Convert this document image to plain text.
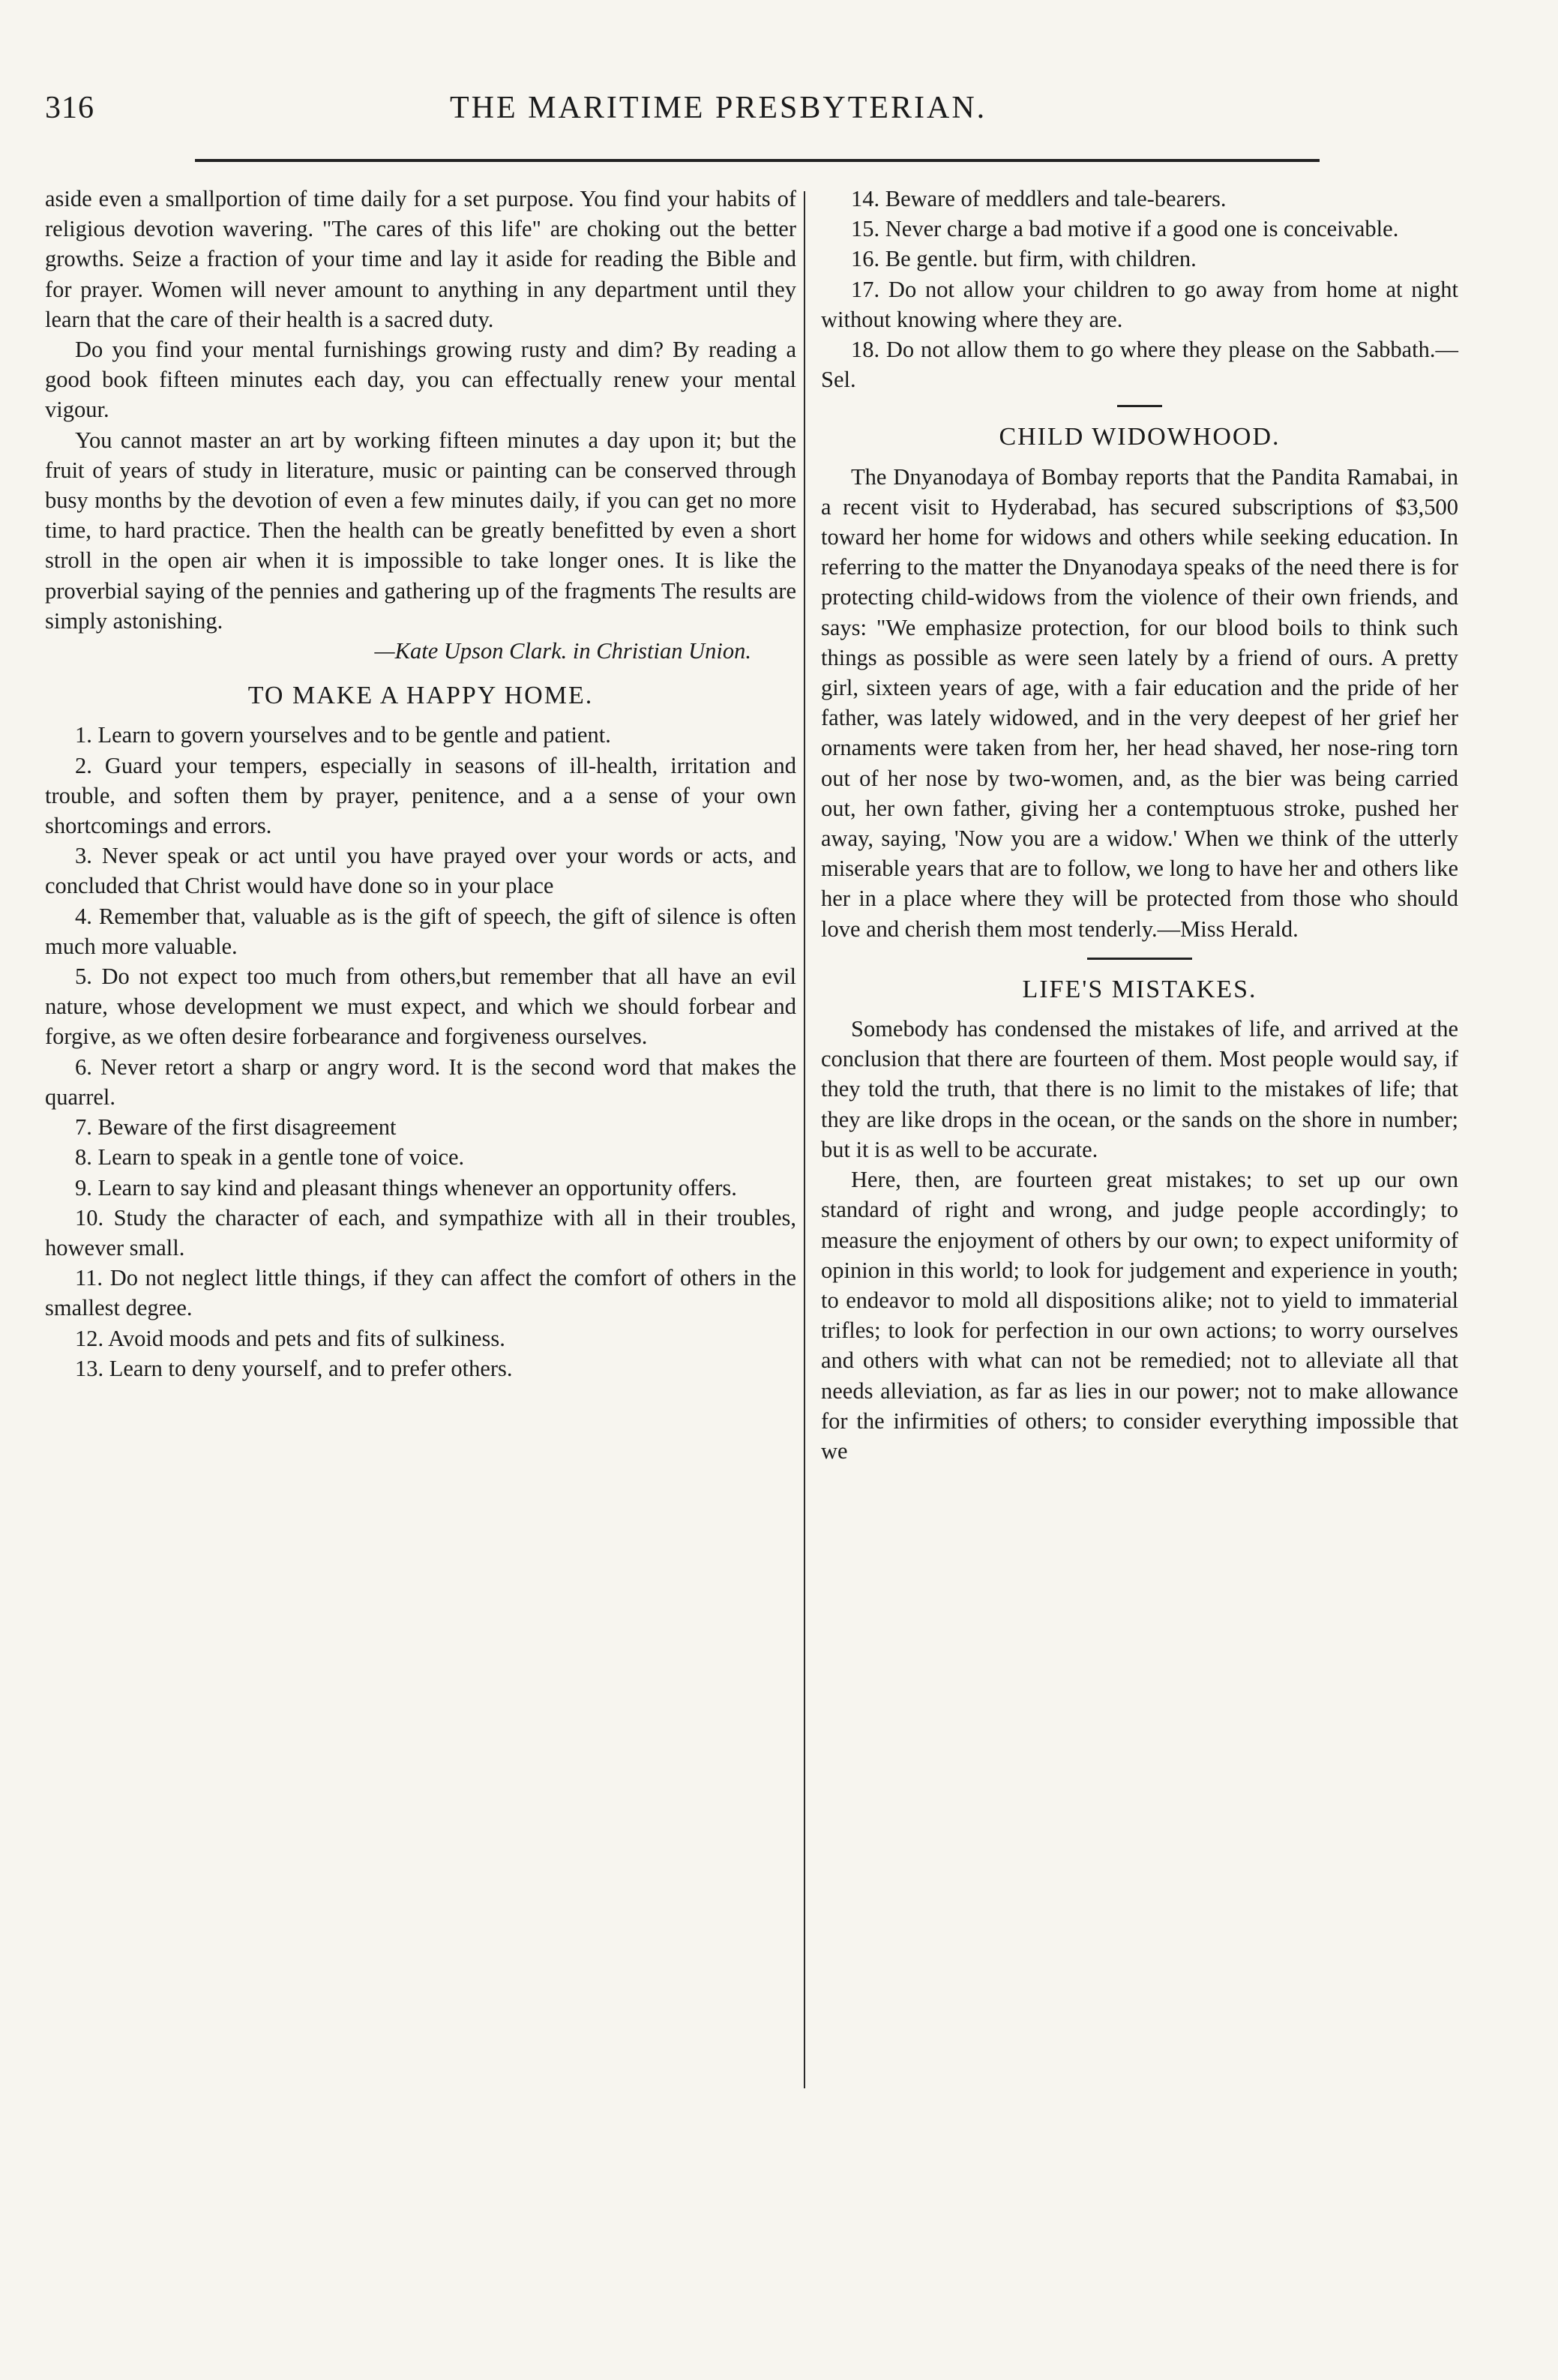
316	THE MARITIME PRESBYTERIAN.

aside even a smallportion of time daily for a set purpose. You find your habits of religious devotion wavering. "The cares of this life" are choking out the better growths. Seize a fraction of your time and lay it aside for reading the Bible and for prayer. Women will never amount to anything in any department until they learn that the care of their health is a sacred duty.

Do you find your mental furnishings growing rusty and dim? By reading a good book fifteen minutes each day, you can effectually renew your mental vigour.

You cannot master an art by working fifteen minutes a day upon it; but the fruit of years of study in literature, music or painting can be conserved through busy months by the devotion of even a few minutes daily, if you can get no more time, to hard practice. Then the health can be greatly benefitted by even a short stroll in the open air when it is impossible to take longer ones. It is like the proverbial saying of the pennies and gathering up of the fragments The results are simply astonishing.

—Kate Upson Clark. in Christian Union.

TO MAKE A HAPPY HOME.

1. Learn to govern yourselves and to be gentle and patient.

2. Guard your tempers, especially in seasons of ill-health, irritation and trouble, and soften them by prayer, penitence, and a a sense of your own shortcomings and errors.

3. Never speak or act until you have prayed over your words or acts, and concluded that Christ would have done so in your place

4. Remember that, valuable as is the gift of speech, the gift of silence is often much more valuable.

5. Do not expect too much from others,but remember that all have an evil nature, whose development we must expect, and which we should forbear and forgive, as we often desire forbearance and forgiveness ourselves.

6. Never retort a sharp or angry word. It is the second word that makes the quarrel.

7. Beware of the first disagreement

8. Learn to speak in a gentle tone of voice.

9. Learn to say kind and pleasant things whenever an opportunity offers.

10. Study the character of each, and sympathize with all in their troubles, however small.

11. Do not neglect little things, if they can affect the comfort of others in the smallest degree.

12. Avoid moods and pets and fits of sulkiness.

13. Learn to deny yourself, and to prefer others.

14. Beware of meddlers and tale-bearers.

15. Never charge a bad motive if a good one is conceivable.

16. Be gentle. but firm, with children.

17. Do not allow your children to go away from home at night without knowing where they are.

18. Do not allow them to go where they please on the Sabbath.—Sel.

CHILD WIDOWHOOD.

The Dnyanodaya of Bombay reports that the Pandita Ramabai, in a recent visit to Hyderabad, has secured subscriptions of $3,500 toward her home for widows and others while seeking education. In referring to the matter the Dnyanodaya speaks of the need there is for protecting child-widows from the violence of their own friends, and says: "We emphasize protection, for our blood boils to think such things as possible as were seen lately by a friend of ours. A pretty girl, sixteen years of age, with a fair education and the pride of her father, was lately widowed, and in the very deepest of her grief her ornaments were taken from her, her head shaved, her nose-ring torn out of her nose by two-women, and, as the bier was being carried out, her own father, giving her a contemptuous stroke, pushed her away, saying, 'Now you are a widow.' When we think of the utterly miserable years that are to follow, we long to have her and others like her in a place where they will be protected from those who should love and cherish them most tenderly.—Miss Herald.

LIFE'S MISTAKES.

Somebody has condensed the mistakes of life, and arrived at the conclusion that there are fourteen of them. Most people would say, if they told the truth, that there is no limit to the mistakes of life; that they are like drops in the ocean, or the sands on the shore in number; but it is as well to be accurate.

Here, then, are fourteen great mistakes; to set up our own standard of right and wrong, and judge people accordingly; to measure the enjoyment of others by our own; to expect uniformity of opinion in this world; to look for judgement and experience in youth; to endeavor to mold all dispositions alike; not to yield to immaterial trifles; to look for perfection in our own actions; to worry ourselves and others with what can not be remedied; not to alleviate all that needs alleviation, as far as lies in our power; not to make allowance for the infirmities of others; to consider everything impossible that we
